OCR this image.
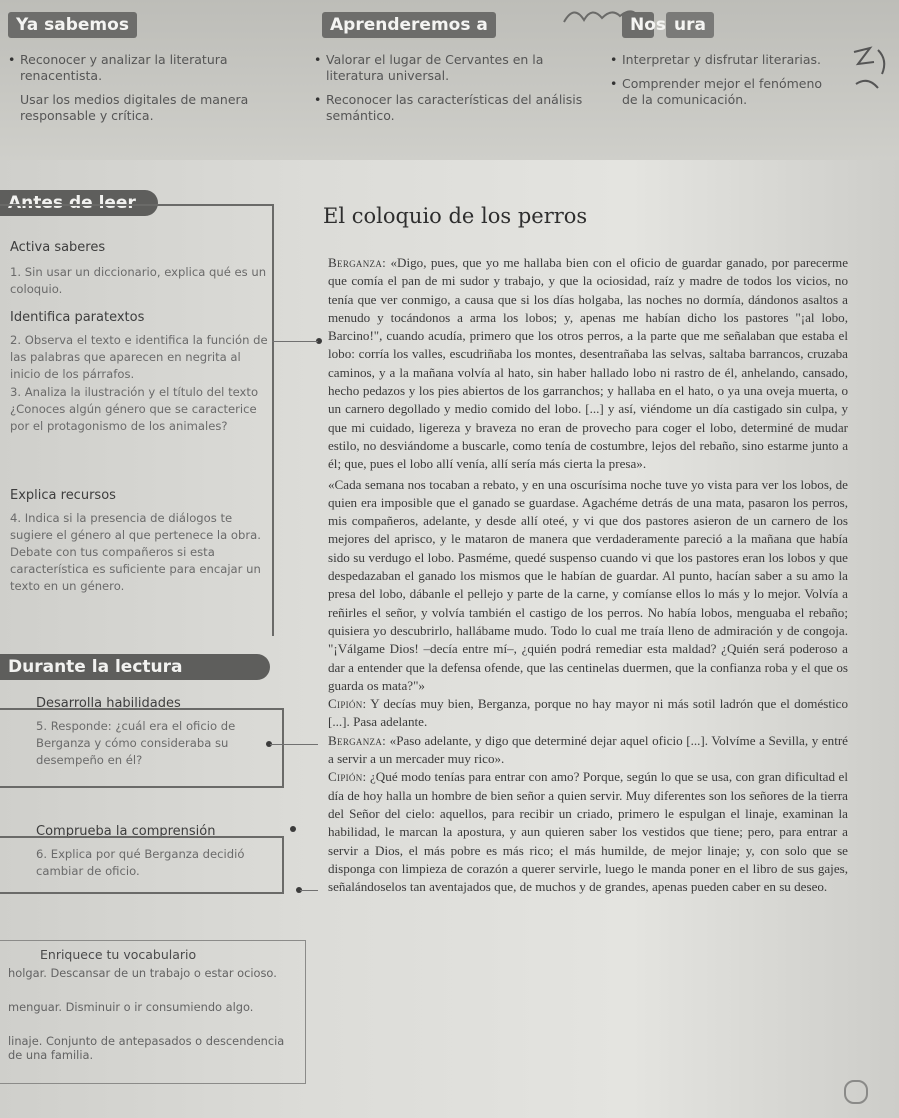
Ya sabemos	Aprenderemos a	Nos ura
• Reconocer y analizar la literatura renacentista.
Usar los medios digitales de manera responsable y crítica.
• Valorar el lugar de Cervantes en la literatura universal.
• Reconocer las características del análisis semántico.
• Interpretar y disfrutar literarias.
• Comprender mejor el fenómeno de la comunicación.
Antes de leer
Activa saberes
1. Sin usar un diccionario, explica qué es un coloquio.
Identifica paratextos
2. Observa el texto e identifica la función de las palabras que aparecen en negrita al inicio de los párrafos.
3. Analiza la ilustración y el título del texto ¿Conoces algún género que se caracterice por el protagonismo de los animales?
Explica recursos
4. Indica si la presencia de diálogos te sugiere el género al que pertenece la obra. Debate con tus compañeros si esta característica es suficiente para encajar un texto en un género.
Durante la lectura
Desarrolla habilidades
5. Responde: ¿cuál era el oficio de Berganza y cómo consideraba su desempeño en él?
Comprueba la comprensión
6. Explica por qué Berganza decidió cambiar de oficio.
Enriquece tu vocabulario
holgar. Descansar de un trabajo o estar ocioso.
menguar. Disminuir o ir consumiendo algo.
linaje. Conjunto de antepasados o descendencia de una familia.
El coloquio de los perros

Berganza: «Digo, pues, que yo me hallaba bien con el oficio de guardar ganado, por parecerme que comía el pan de mi sudor y trabajo, y que la ociosidad, raíz y madre de todos los vicios, no tenía que ver conmigo, a causa que si los días holgaba, las noches no dormía, dándonos asaltos a menudo y tocándonos a arma los lobos; y, apenas me habían dicho los pastores "¡al lobo, Barcino!", cuando acudía, primero que los otros perros, a la parte que me señalaban que estaba el lobo: corría los valles, escudriñaba los montes, desentrañaba las selvas, saltaba barrancos, cruzaba caminos, y a la mañana volvía al hato, sin haber hallado lobo ni rastro de él, anhelando, cansado, hecho pedazos y los pies abiertos de los garranchos; y hallaba en el hato, o ya una oveja muerta, o un carnero degollado y medio comido del lobo. [...] y así, viéndome un día castigado sin culpa, y que mi cuidado, ligereza y braveza no eran de provecho para coger el lobo, determiné de mudar estilo, no desviándome a buscarle, como tenía de costumbre, lejos del rebaño, sino estarme junto a él; que, pues el lobo allí venía, allí sería más cierta la presa».

«Cada semana nos tocaban a rebato, y en una oscurísima noche tuve yo vista para ver los lobos, de quien era imposible que el ganado se guardase. Agachéme detrás de una mata, pasaron los perros, mis compañeros, adelante, y desde allí oteé, y vi que dos pastores asieron de un carnero de los mejores del aprisco, y le mataron de manera que verdaderamente pareció a la mañana que había sido su verdugo el lobo. Pasméme, quedé suspenso cuando vi que los pastores eran los lobos y que despedazaban el ganado los mismos que le habían de guardar. Al punto, hacían saber a su amo la presa del lobo, dábanle el pellejo y parte de la carne, y comíanse ellos lo más y lo mejor. Volvía a reñirles el señor, y volvía también el castigo de los perros. No había lobos, menguaba el rebaño; quisiera yo descubrirlo, hallábame mudo. Todo lo cual me traía lleno de admiración y de congoja. "¡Válgame Dios! –decía entre mí–, ¿quién podrá remediar esta maldad? ¿Quién será poderoso a dar a entender que la defensa ofende, que las centinelas duermen, que la confianza roba y el que os guarda os mata?"»

Cipión: Y decías muy bien, Berganza, porque no hay mayor ni más sotil ladrón que el doméstico [...]. Pasa adelante.

Berganza: «Paso adelante, y digo que determiné dejar aquel oficio [...]. Volvíme a Sevilla, y entré a servir a un mercader muy rico».

Cipión: ¿Qué modo tenías para entrar con amo? Porque, según lo que se usa, con gran dificultad el día de hoy halla un hombre de bien señor a quien servir. Muy diferentes son los señores de la tierra del Señor del cielo: aquellos, para recibir un criado, primero le espulgan el linaje, examinan la habilidad, le marcan la apostura, y aun quieren saber los vestidos que tiene; pero, para entrar a servir a Dios, el más pobre es más rico; el más humilde, de mejor linaje; y, con solo que se disponga con limpieza de corazón a querer servirle, luego le manda poner en el libro de sus gajes, señalándoselos tan aventajados que, de muchos y de grandes, apenas pueden caber en su deseo.
